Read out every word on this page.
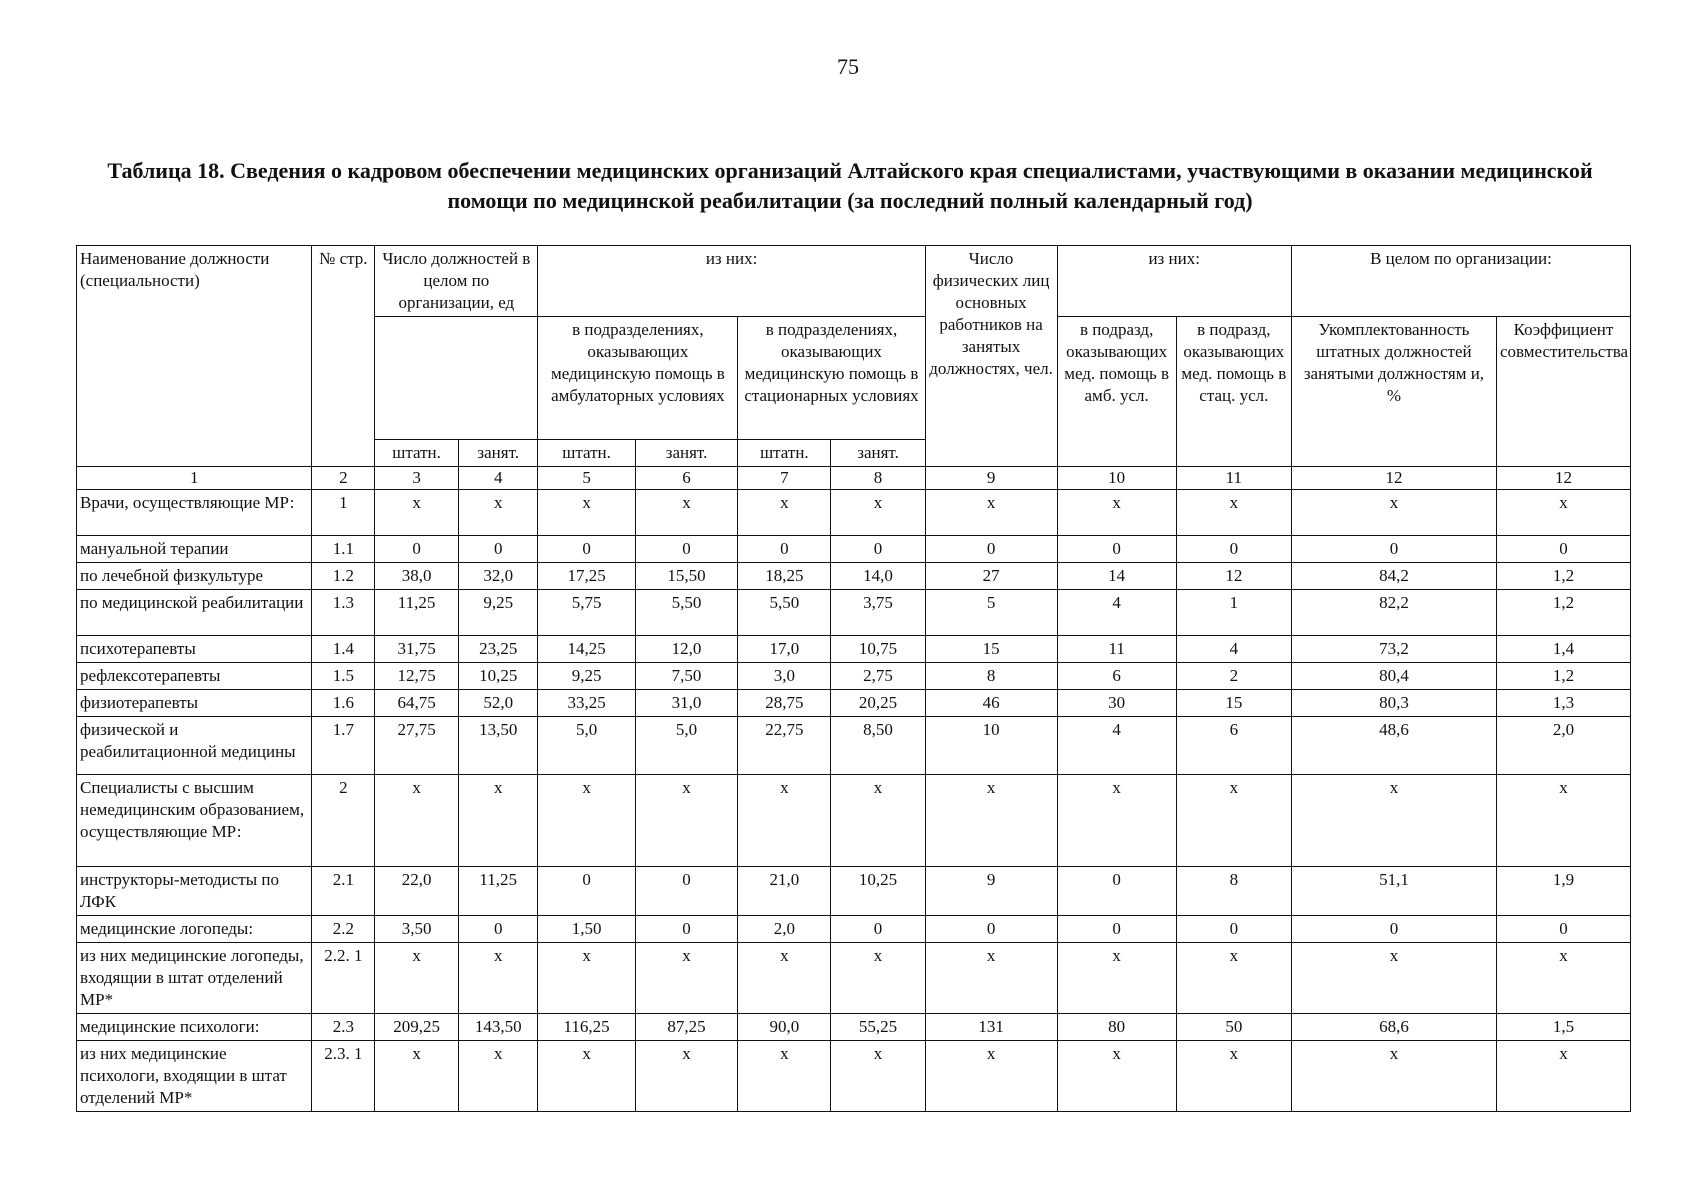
75
Таблица 18. Сведения о кадровом обеспечении медицинских организаций Алтайского края специалистами, участвующими в оказании медицинской помощи по медицинской реабилитации (за последний полный календарный год)
Наименование должности (специальности)	№ стр.	Число должностей в целом по организации, ед		из них:				Число физических лиц основных работников на занятых должностях, чел.	из них:		В целом по организации:	
				в подразделениях, оказывающих медицинскую помощь в амбулаторных условиях		в подразделениях, оказывающих медицинскую помощь в стационарных условиях			в подразд, оказывающих мед. помощь в амб. усл.	в подразд, оказывающих мед. помощь в стац. усл.	Укомплектованность штатных должностей занятыми должностям и, %	Коэффициент совместительства
		штатн.	занят.	штатн.	занят.	штатн.	занят.					
1	2	3	4	5	6	7	8	9	10	11	12	12
Врачи, осуществляющие МР:	1	х	х	х	х	х	х	х	х	х	х	х
мануальной терапии	1.1	0	0	0	0	0	0	0	0	0	0	0
по лечебной физкультуре	1.2	38,0	32,0	17,25	15,50	18,25	14,0	27	14	12	84,2	1,2
по медицинской реабилитации	1.3	11,25	9,25	5,75	5,50	5,50	3,75	5	4	1	82,2	1,2
психотерапевты	1.4	31,75	23,25	14,25	12,0	17,0	10,75	15	11	4	73,2	1,4
рефлексотерапевты	1.5	12,75	10,25	9,25	7,50	3,0	2,75	8	6	2	80,4	1,2
физиотерапевты	1.6	64,75	52,0	33,25	31,0	28,75	20,25	46	30	15	80,3	1,3
физической и реабилитационной медицины	1.7	27,75	13,50	5,0	5,0	22,75	8,50	10	4	6	48,6	2,0
Специалисты с высшим немедицинским образованием, осуществляющие МР:	2	х	х	х	х	х	х	х	х	х	х	х
инструкторы-методисты по ЛФК	2.1	22,0	11,25	0	0	21,0	10,25	9	0	8	51,1	1,9
медицинские логопеды:	2.2	3,50	0	1,50	0	2,0	0	0	0	0	0	0
из них медицинские логопеды, входящии в штат отделений МР*	2.2. 1	х	х	х	х	х	х	х	х	х	х	х
медицинские психологи:	2.3	209,25	143,50	116,25	87,25	90,0	55,25	131	80	50	68,6	1,5
из них медицинские психологи, входящии в штат отделений МР*	2.3. 1	х	х	х	х	х	х	х	х	х	х	х
